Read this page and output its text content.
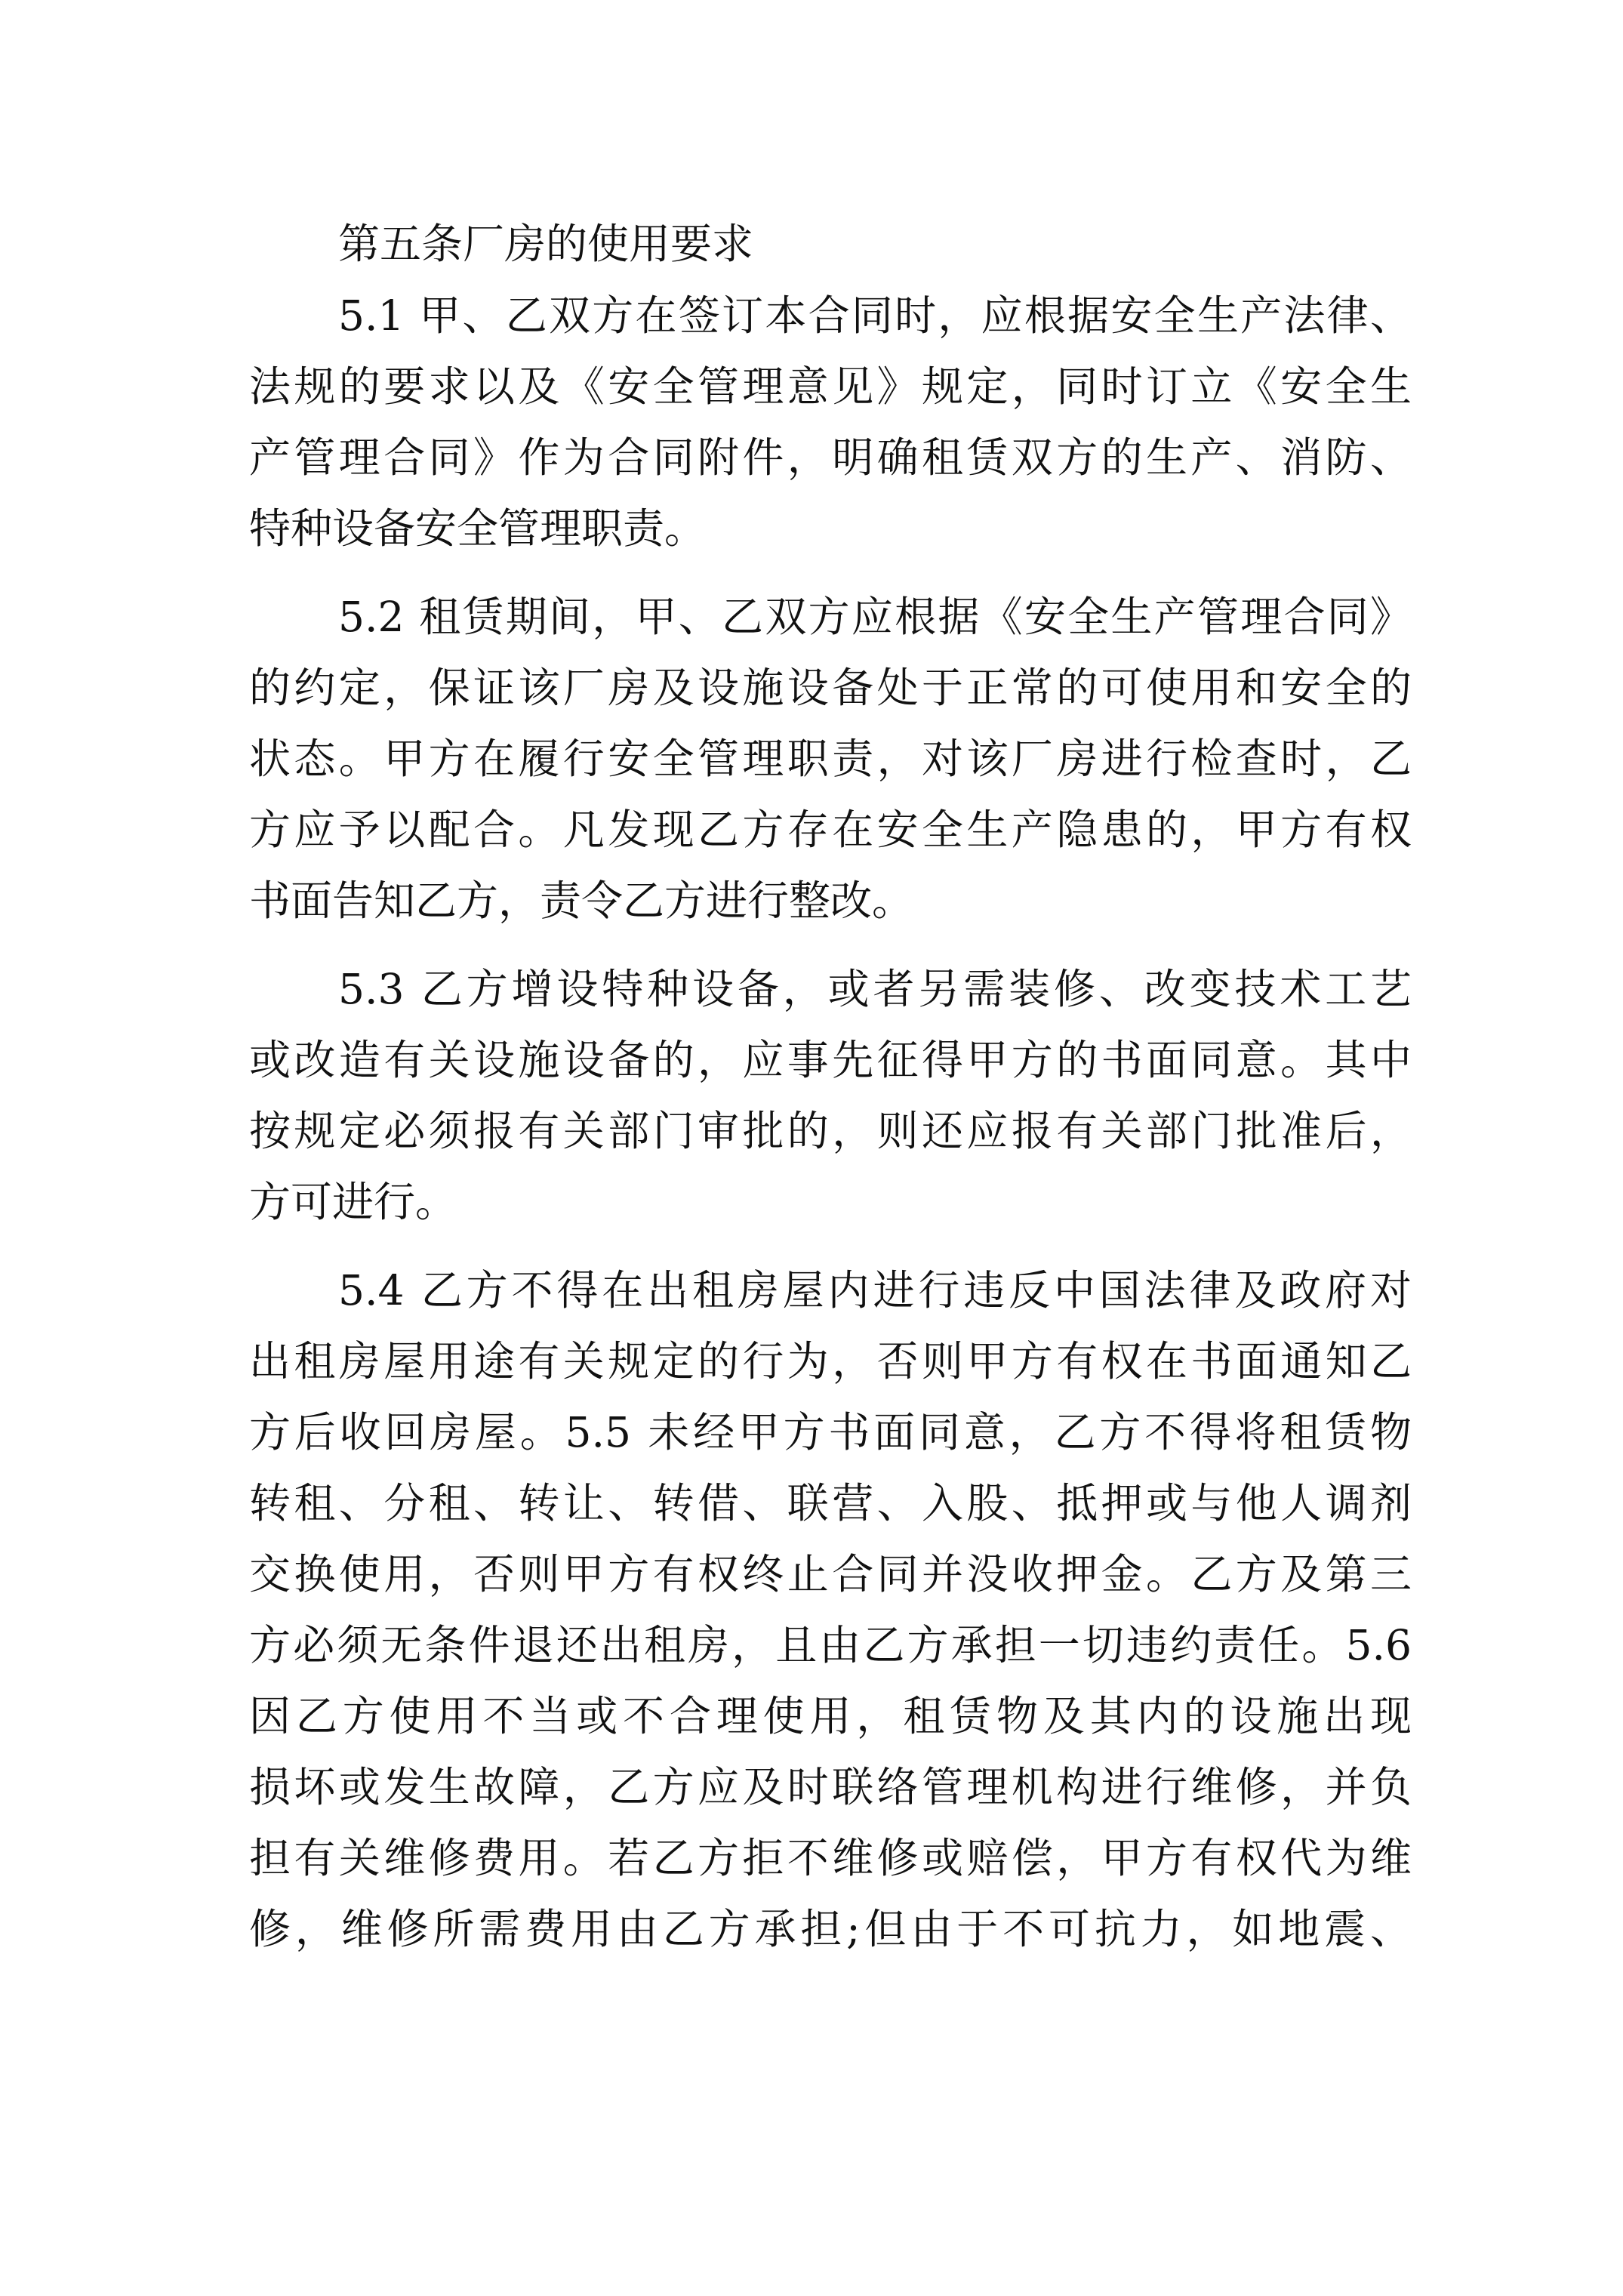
第五条厂房的使用要求
5.1 甲、乙双方在签订本合同时，应根据安全生产法律、
法规的要求以及《安全管理意见》规定，同时订立《安全生
产管理合同》作为合同附件，明确租赁双方的生产、消防、
特种设备安全管理职责。
5.2 租赁期间，甲、乙双方应根据《安全生产管理合同》
的约定，保证该厂房及设施设备处于正常的可使用和安全的
状态。甲方在履行安全管理职责，对该厂房进行检查时，乙
方应予以配合。凡发现乙方存在安全生产隐患的，甲方有权
书面告知乙方，责令乙方进行整改。
5.3 乙方增设特种设备，或者另需装修、改变技术工艺
或改造有关设施设备的，应事先征得甲方的书面同意。其中
按规定必须报有关部门审批的，则还应报有关部门批准后，
方可进行。
5.4 乙方不得在出租房屋内进行违反中国法律及政府对
出租房屋用途有关规定的行为，否则甲方有权在书面通知乙
方后收回房屋。5.5 未经甲方书面同意，乙方不得将租赁物
转租、分租、转让、转借、联营、入股、抵押或与他人调剂
交换使用，否则甲方有权终止合同并没收押金。乙方及第三
方必须无条件退还出租房，且由乙方承担一切违约责任。5.6
因乙方使用不当或不合理使用，租赁物及其内的设施出现
损坏或发生故障，乙方应及时联络管理机构进行维修，并负
担有关维修费用。若乙方拒不维修或赔偿，甲方有权代为维
修，维修所需费用由乙方承担;但由于不可抗力，如地震、
